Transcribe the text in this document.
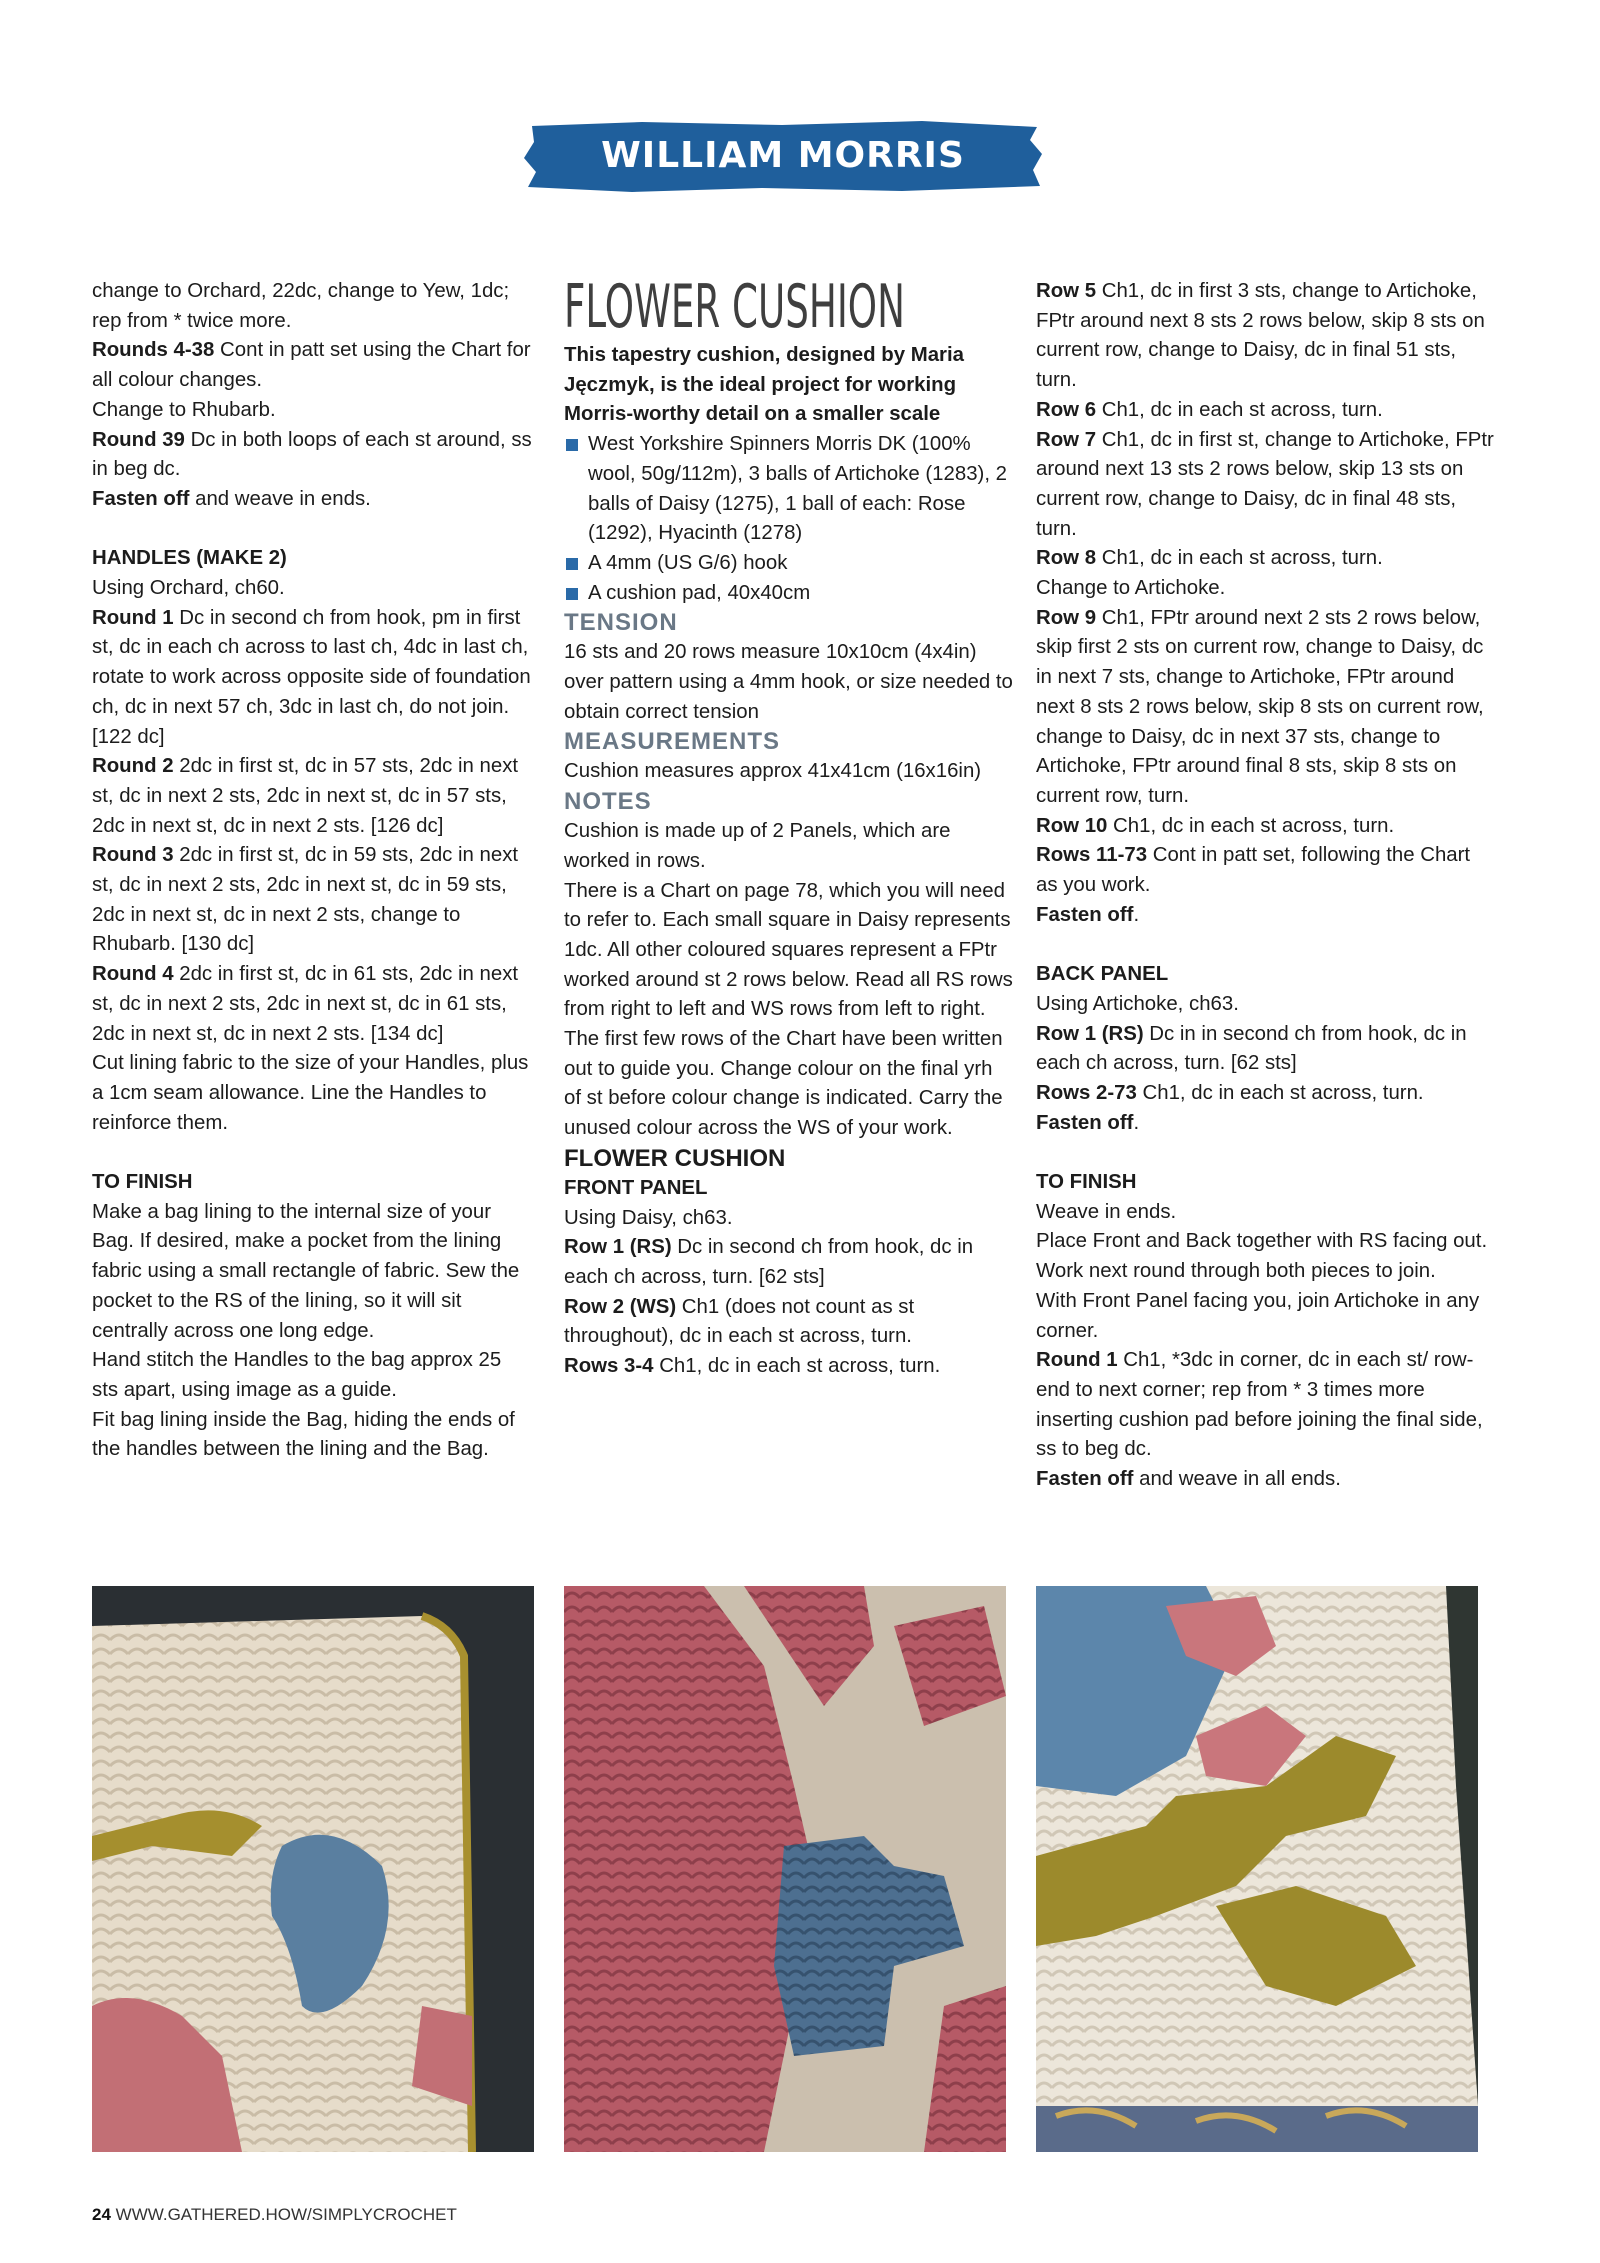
WILLIAM MORRIS COLLECTION

change to Orchard, 22dc, change to Yew, 1dc; rep from * twice more.

Rounds 4-38 Cont in patt set using the Chart for all colour changes.

Change to Rhubarb.

Round 39 Dc in both loops of each st around, ss in beg dc.

Fasten off and weave in ends.

HANDLES (MAKE 2)

Using Orchard, ch60.

Round 1 Dc in second ch from hook, pm in first st, dc in each ch across to last ch, 4dc in last ch, rotate to work across opposite side of foundation ch, dc in next 57 ch, 3dc in last ch, do not join. [122 dc]

Round 2 2dc in first st, dc in 57 sts, 2dc in next st, dc in next 2 sts, 2dc in next st, dc in 57 sts, 2dc in next st, dc in next 2 sts. [126 dc]

Round 3 2dc in first st, dc in 59 sts, 2dc in next st, dc in next 2 sts, 2dc in next st, dc in 59 sts, 2dc in next st, dc in next 2 sts, change to Rhubarb. [130 dc]

Round 4 2dc in first st, dc in 61 sts, 2dc in next st, dc in next 2 sts, 2dc in next st, dc in 61 sts, 2dc in next st, dc in next 2 sts. [134 dc]

Cut lining fabric to the size of your Handles, plus a 1cm seam allowance. Line the Handles to reinforce them.

TO FINISH

Make a bag lining to the internal size of your Bag. If desired, make a pocket from the lining fabric using a small rectangle of fabric. Sew the pocket to the RS of the lining, so it will sit centrally across one long edge.

Hand stitch the Handles to the bag approx 25 sts apart, using image as a guide.

Fit bag lining inside the Bag, hiding the ends of the handles between the lining and the Bag.

FLOWER CUSHION

This tapestry cushion, designed by Maria Jęczmyk, is the ideal project for working Morris-worthy detail on a smaller scale

West Yorkshire Spinners Morris DK (100% wool, 50g/112m), 3 balls of Artichoke (1283), 2 balls of Daisy (1275), 1 ball of each: Rose (1292), Hyacinth (1278)
A 4mm (US G/6) hook
A cushion pad, 40x40cm

TENSION

16 sts and 20 rows measure 10x10cm (4x4in) over pattern using a 4mm hook, or size needed to obtain correct tension

MEASUREMENTS

Cushion measures approx 41x41cm (16x16in)

NOTES

Cushion is made up of 2 Panels, which are worked in rows.

There is a Chart on page 78, which you will need to refer to. Each small square in Daisy represents 1dc. All other coloured squares represent a FPtr worked around st 2 rows below. Read all RS rows from right to left and WS rows from left to right. The first few rows of the Chart have been written out to guide you. Change colour on the final yrh of st before colour change is indicated. Carry the unused colour across the WS of your work.

FLOWER CUSHION

FRONT PANEL

Using Daisy, ch63.

Row 1 (RS) Dc in second ch from hook, dc in each ch across, turn. [62 sts]

Row 2 (WS) Ch1 (does not count as st throughout), dc in each st across, turn.

Rows 3-4 Ch1, dc in each st across, turn.

Row 5 Ch1, dc in first 3 sts, change to Artichoke, FPtr around next 8 sts 2 rows below, skip 8 sts on current row, change to Daisy, dc in final 51 sts, turn.

Row 6 Ch1, dc in each st across, turn.

Row 7 Ch1, dc in first st, change to Artichoke, FPtr around next 13 sts 2 rows below, skip 13 sts on current row, change to Daisy, dc in final 48 sts, turn.

Row 8 Ch1, dc in each st across, turn.

Change to Artichoke.

Row 9 Ch1, FPtr around next 2 sts 2 rows below, skip first 2 sts on current row, change to Daisy, dc in next 7 sts, change to Artichoke, FPtr around next 8 sts 2 rows below, skip 8 sts on current row, change to Daisy, dc in next 37 sts, change to Artichoke, FPtr around final 8 sts, skip 8 sts on current row, turn.

Row 10 Ch1, dc in each st across, turn.

Rows 11-73 Cont in patt set, following the Chart as you work.

Fasten off.

BACK PANEL

Using Artichoke, ch63.

Row 1 (RS) Dc in in second ch from hook, dc in each ch across, turn. [62 sts]

Rows 2-73 Ch1, dc in each st across, turn.

Fasten off.

TO FINISH

Weave in ends.

Place Front and Back together with RS facing out. Work next round through both pieces to join.

With Front Panel facing you, join Artichoke in any corner.

Round 1 Ch1, *3dc in corner, dc in each st/ row-end to next corner; rep from * 3 times more inserting cushion pad before joining the final side, ss to beg dc.

Fasten off and weave in all ends.

24 WWW.GATHERED.HOW/SIMPLYCROCHET
